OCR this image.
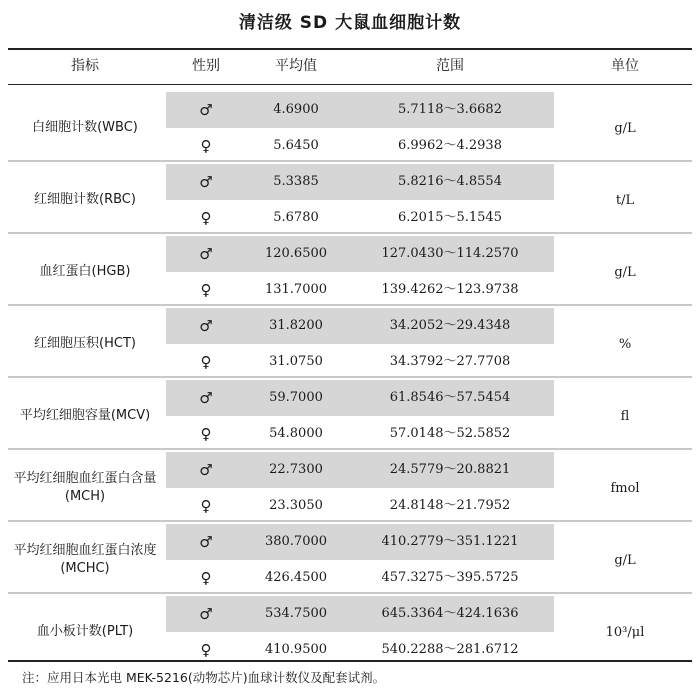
清洁级 SD 大鼠血细胞计数
指标	性别	平均值	范围	单位
白细胞计数(WBC)
♂	4.6900	5.7118～3.6682
♀	5.6450	6.9962～4.2938
g/L
红细胞计数(RBC)
♂	5.3385	5.8216～4.8554
♀	5.6780	6.2015～5.1545
t/L
血红蛋白(HGB)
♂	120.6500	127.0430～114.2570
♀	131.7000	139.4262～123.9738
g/L
红细胞压积(HCT)
♂	31.8200	34.2052～29.4348
♀	31.0750	34.3792～27.7708
%
平均红细胞容量(MCV)
♂	59.7000	61.8546～57.5454
♀	54.8000	57.0148～52.5852
fl
平均红细胞血红蛋白含量(MCH)
♂	22.7300	24.5779～20.8821
♀	23.3050	24.8148～21.7952
fmol
平均红细胞血红蛋白浓度(MCHC)
♂	380.7000	410.2779～351.1221
♀	426.4500	457.3275～395.5725
g/L
血小板计数(PLT)
♂	534.7500	645.3364～424.1636
♀	410.9500	540.2288～281.6712
10³/μl
注：应用日本光电 MEK-5216(动物芯片)血球计数仪及配套试剂。
